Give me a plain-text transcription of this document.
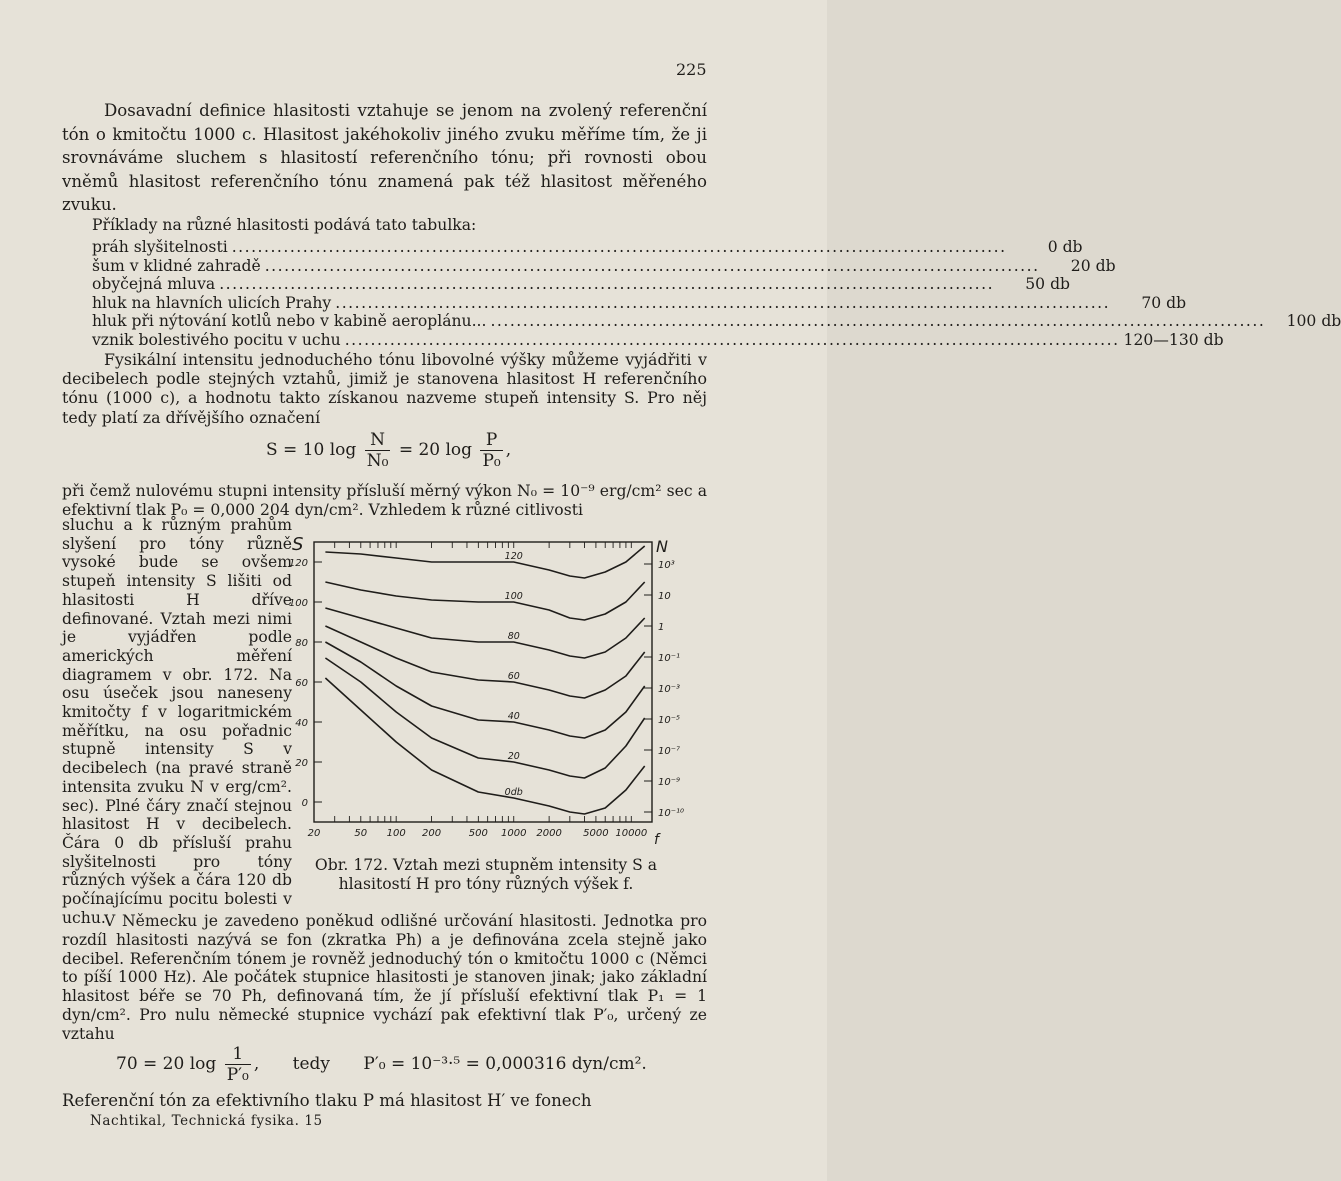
225

Dosavadní definice hlasitosti vztahuje se jenom na zvolený referenční tón o kmitočtu 1000 c. Hlasitost jakéhokoliv jiného zvuku měříme tím, že ji srovnáváme sluchem s hlasitostí referenčního tónu; při rovnosti obou vněmů hlasitost referenčního tónu znamená pak též hlasitost měřeného zvuku.

Příklady na různé hlasitosti podává tato tabulka:
práh slyšitelnosti ........................................................................................................................	0 db
šum v klidné zahradě ........................................................................................................................	20 db
obyčejná mluva ........................................................................................................................	50 db
hluk na hlavních ulicích Prahy ........................................................................................................................	70 db
hluk při nýtování kotlů nebo v kabině aeroplánu... ........................................................................................................................	100 db
vznik bolestivého pocitu v uchu ........................................................................................................................ 120—130 db

Fysikální intensitu jednoduchého tónu libovolné výšky můžeme vyjádřiti v decibelech podle stejných vztahů, jimiž je stanovena hlasitost H referenčního tónu (1000 c), a hodnotu takto získanou nazveme stupeň intensity S. Pro něj tedy platí za dřívějšího označení

S = 10 $\log \frac{N}{\text{N₀}} = 20$ $\log \frac{P}{\text{P₀}}$ ,

při čemž nulovému stupni intensity přísluší měrný výkon N₀ = 10⁻⁹ erg/cm² sec a efektivní tlak P₀ = 0,000 204 dyn/cm². Vzhledem k různé citlivosti

sluchu a k různým prahům slyšení pro tóny různě vysoké bude se ovšem stupeň intensity S lišiti od hlasitosti H dříve definované. Vztah mezi nimi je vyjádřen podle amerických měření diagramem v obr. 172. Na osu úseček jsou naneseny kmitočty f v logaritmickém měřítku, na osu pořadnic stupně intensity S v decibelech (na pravé straně intensita zvuku N v erg/cm². sec). Plné čáry značí stejnou hlasitost H v decibelech. Čára 0 db přísluší prahu slyšitelnosti pro tóny různých výšek a čára 120 db počínajícímu pocitu bolesti v uchu.
120
100
80
60
40
20
0
10³
10
1
10⁻¹
10⁻³
10⁻⁵
10⁻⁷
10⁻⁹
10⁻¹⁰
20	50 100 200	500 1000 2000 5000 10000
S	N
f
120
100
80
60
40
20
0db
Obr. 172. Vztah mezi stupněm intensity S a hlasitostí H pro tóny různých výšek f.

V Německu je zavedeno poněkud odlišné určování hlasitosti. Jednotka pro rozdíl hlasitosti nazývá se fon (zkratka Ph) a je definována zcela stejně jako decibel. Referenčním tónem je rovněž jednoduchý tón o kmitočtu 1000 c (Němci to píší 1000 Hz). Ale počátek stupnice hlasitosti je stanoven jinak; jako základní hlasitost béře se 70 Ph, definovaná tím, že jí přísluší efektivní tlak P₁ = 1 dyn/cm². Pro nulu německé stupnice vychází pak efektivní tlak P′₀, určený ze vztahu

70 = 20 $\log \frac{1}{\text{P′₀}}$ , tedy P′₀ = 10⁻³·⁵ = 0,000316 dyn/cm².

Referenční tón za efektivního tlaku P má hlasitost H′ ve fonech

Nachtikal, Technická fysika. 15
